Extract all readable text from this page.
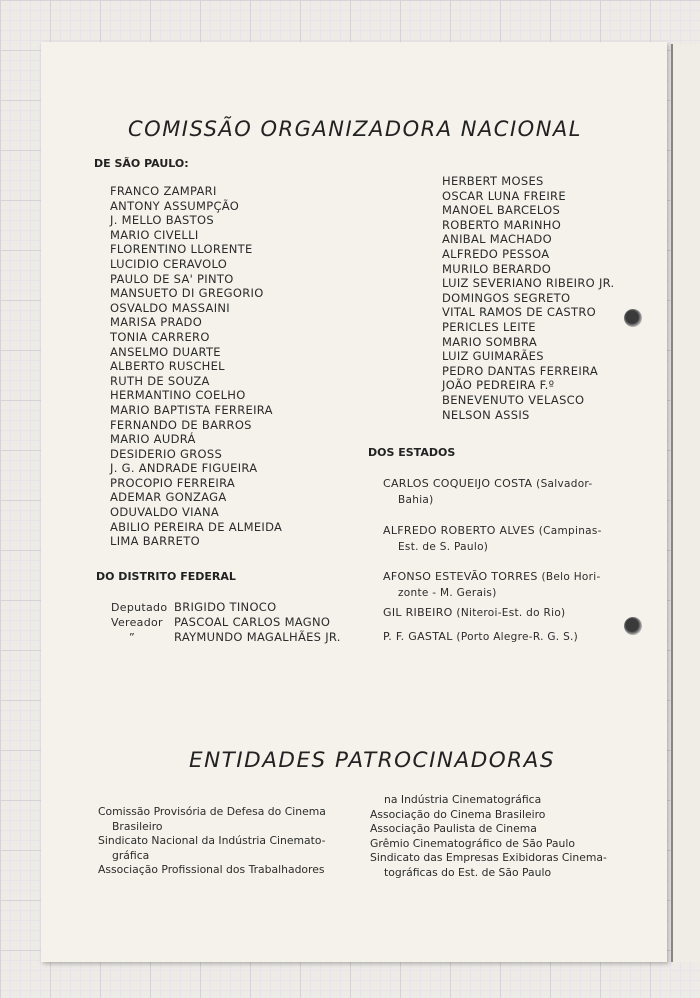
COMISSÃO ORGANIZADORA NACIONAL
DE SÃO PAULO:
FRANCO ZAMPARI
ANTONY ASSUMPÇÃO
J. MELLO BASTOS
MARIO CIVELLI
FLORENTINO LLORENTE
LUCIDIO CERAVOLO
PAULO DE SA' PINTO
MANSUETO DI GREGORIO
OSVALDO MASSAINI
MARISA PRADO
TONIA CARRERO
ANSELMO DUARTE
ALBERTO RUSCHEL
RUTH DE SOUZA
HERMANTINO COELHO
MARIO BAPTISTA FERREIRA
FERNANDO DE BARROS
MARIO AUDRÁ
DESIDERIO GROSS
J. G. ANDRADE FIGUEIRA
PROCOPIO FERREIRA
ADEMAR GONZAGA
ODUVALDO VIANA
ABILIO PEREIRA DE ALMEIDA
LIMA BARRETO
HERBERT MOSES
OSCAR LUNA FREIRE
MANOEL BARCELOS
ROBERTO MARINHO
ANIBAL MACHADO
ALFREDO PESSOA
MURILO BERARDO
LUIZ SEVERIANO RIBEIRO JR.
DOMINGOS SEGRETO
VITAL RAMOS DE CASTRO
PERICLES LEITE
MARIO SOMBRA
LUIZ GUIMARÃES
PEDRO DANTAS FERREIRA
JOÃO PEDREIRA F.º
BENEVENUTO VELASCO
NELSON ASSIS
DO DISTRITO FEDERAL
Deputado BRIGIDO TINOCO
Vereador PASCOAL CARLOS MAGNO
”	RAYMUNDO MAGALHÃES JR.
DOS ESTADOS
CARLOS COQUEIJO COSTA (Salvador-
Bahia)
ALFREDO ROBERTO ALVES (Campinas-
Est. de S. Paulo)
AFONSO ESTEVÃO TORRES (Belo Hori-
zonte - M. Gerais)
GIL RIBEIRO (Niteroi-Est. do Rio)
P. F. GASTAL (Porto Alegre-R. G. S.)
ENTIDADES PATROCINADORAS
Comissão Provisória de Defesa do Cinema
Brasileiro
Sindicato Nacional da Indústria Cinemato-
gráfica
Associação Profissional dos Trabalhadores
na Indústria Cinematográfica
Associação do Cinema Brasileiro
Associação Paulista de Cinema
Grêmio Cinematográfico de São Paulo
Sindicato das Empresas Exibidoras Cinema-
tográficas do Est. de São Paulo
